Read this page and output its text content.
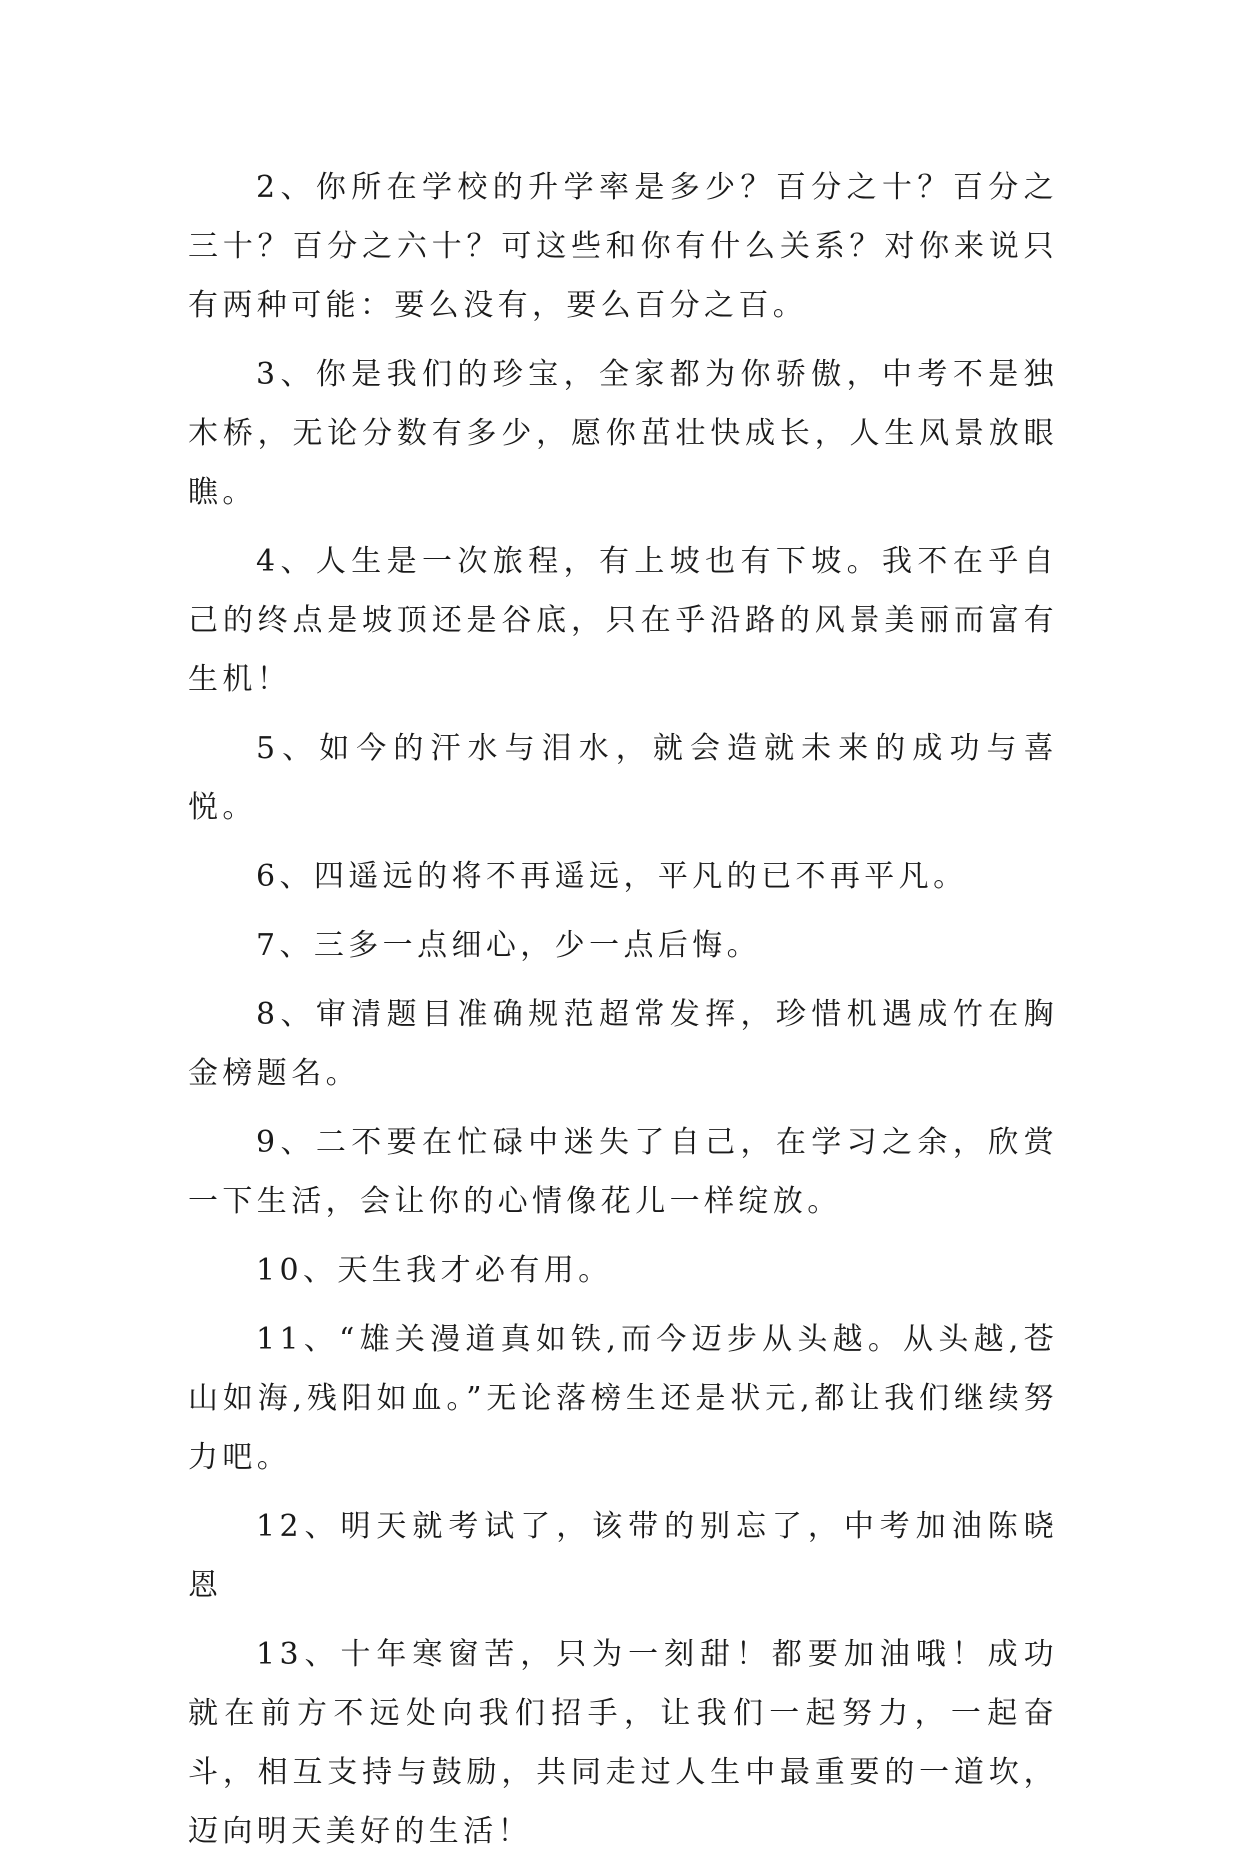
2、你所在学校的升学率是多少？百分之十？百分之三十？百分之六十？可这些和你有什么关系？对你来说只有两种可能：要么没有，要么百分之百。

3、你是我们的珍宝，全家都为你骄傲，中考不是独木桥，无论分数有多少，愿你茁壮快成长，人生风景放眼瞧。

4、人生是一次旅程，有上坡也有下坡。我不在乎自己的终点是坡顶还是谷底，只在乎沿路的风景美丽而富有生机！

5、如今的汗水与泪水，就会造就未来的成功与喜悦。

6、四遥远的将不再遥远，平凡的已不再平凡。

7、三多一点细心，少一点后悔。

8、审清题目准确规范超常发挥，珍惜机遇成竹在胸金榜题名。

9、二不要在忙碌中迷失了自己，在学习之余，欣赏一下生活，会让你的心情像花儿一样绽放。

10、天生我才必有用。

11、“雄关漫道真如铁,而今迈步从头越。从头越,苍山如海,残阳如血。”无论落榜生还是状元,都让我们继续努力吧。

12、明天就考试了，该带的别忘了，中考加油陈晓恩

13、十年寒窗苦，只为一刻甜！都要加油哦！成功就在前方不远处向我们招手，让我们一起努力，一起奋斗，相互支持与鼓励，共同走过人生中最重要的一道坎，迈向明天美好的生活！
